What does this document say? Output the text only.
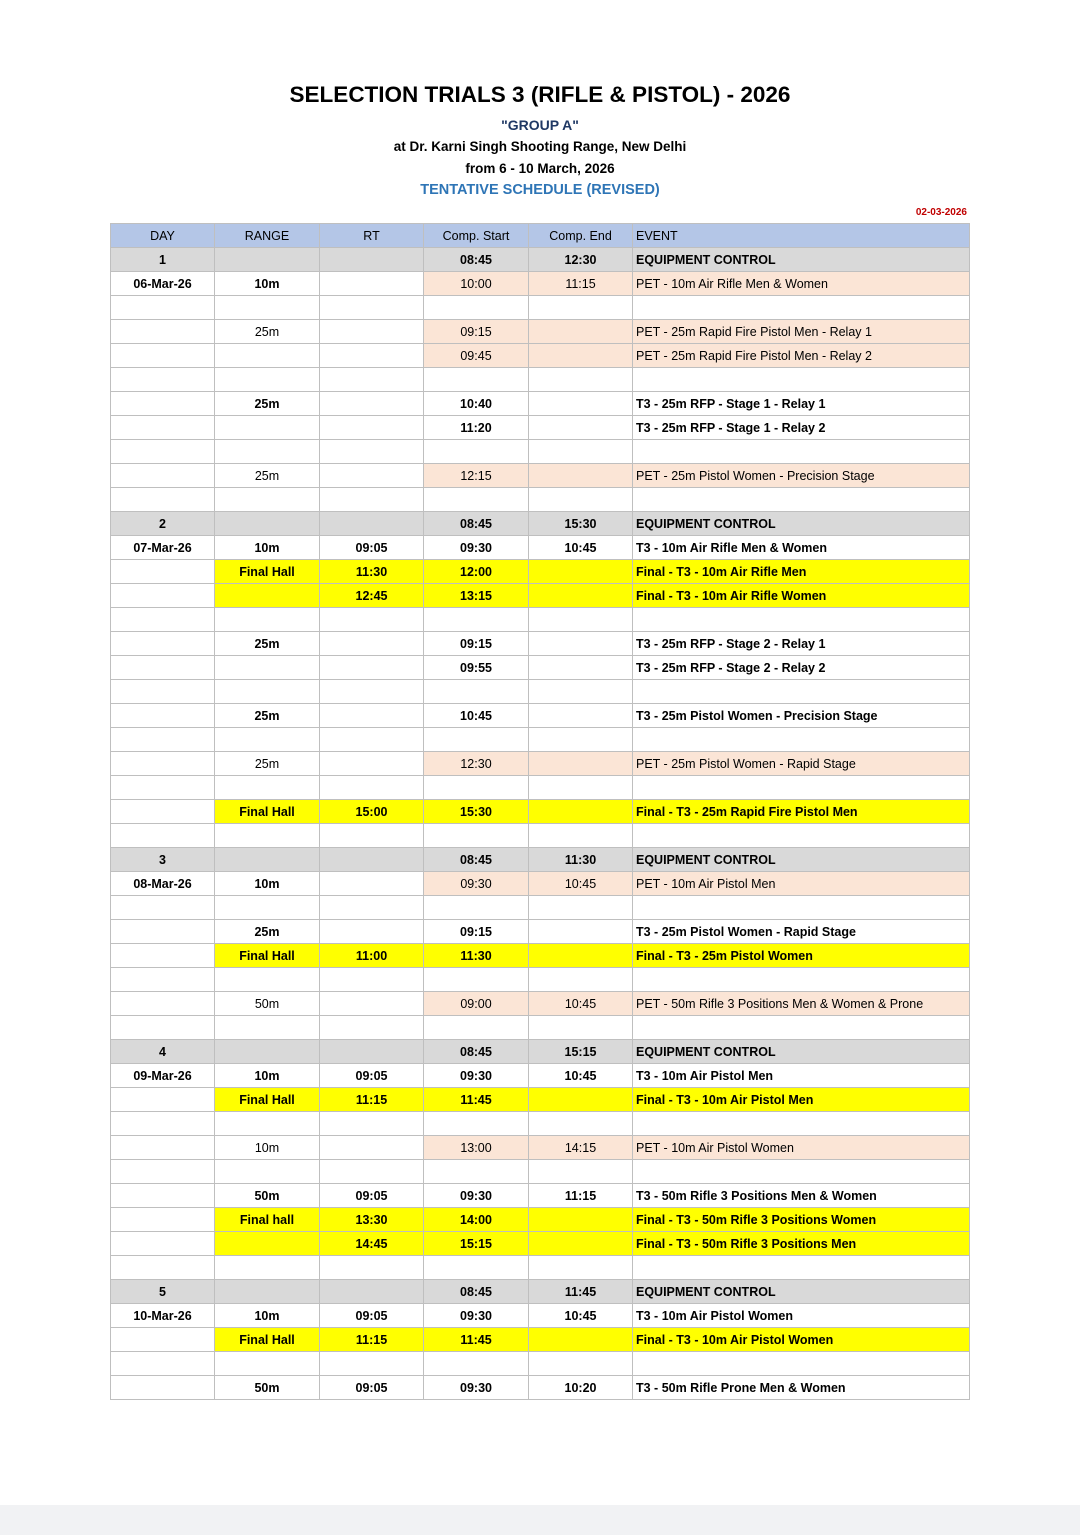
SELECTION TRIALS 3 (RIFLE & PISTOL) - 2026
"GROUP A"
at Dr. Karni Singh Shooting Range, New Delhi
from 6 - 10 March, 2026
TENTATIVE SCHEDULE (REVISED)
02-03-2026
DAY	RANGE	RT	Comp. Start	Comp. End	EVENT
1			08:45	12:30	EQUIPMENT CONTROL
06-Mar-26	10m		10:00	11:15	PET - 10m Air Rifle Men & Women

	25m		09:15		PET - 25m Rapid Fire Pistol Men - Relay 1
			09:45		PET - 25m Rapid Fire Pistol Men - Relay 2

	25m		10:40		T3 - 25m RFP - Stage 1 - Relay 1
			11:20		T3 - 25m RFP - Stage 1 - Relay 2

	25m		12:15		PET - 25m Pistol Women - Precision Stage

2			08:45	15:30	EQUIPMENT CONTROL
07-Mar-26	10m	09:05	09:30	10:45	T3 - 10m Air Rifle Men & Women
	Final Hall	11:30	12:00		Final - T3 - 10m Air Rifle Men
		12:45	13:15		Final - T3 - 10m Air Rifle Women

	25m		09:15		T3 - 25m RFP - Stage 2 - Relay 1
			09:55		T3 - 25m RFP - Stage 2 - Relay 2

	25m		10:45		T3 - 25m Pistol Women - Precision Stage

	25m		12:30		PET - 25m Pistol Women - Rapid Stage

	Final Hall	15:00	15:30		Final - T3 - 25m Rapid Fire Pistol Men

3			08:45	11:30	EQUIPMENT CONTROL
08-Mar-26	10m		09:30	10:45	PET - 10m Air Pistol Men

	25m		09:15		T3 - 25m Pistol Women - Rapid Stage
	Final Hall	11:00	11:30		Final - T3 - 25m Pistol Women

	50m		09:00	10:45	PET - 50m Rifle 3 Positions Men & Women & Prone

4			08:45	15:15	EQUIPMENT CONTROL
09-Mar-26	10m	09:05	09:30	10:45	T3 - 10m Air Pistol Men
	Final Hall	11:15	11:45		Final - T3 - 10m Air Pistol Men

	10m		13:00	14:15	PET - 10m Air Pistol Women

	50m	09:05	09:30	11:15	T3 - 50m Rifle 3 Positions Men & Women
	Final hall	13:30	14:00		Final - T3 - 50m Rifle 3 Positions Women
		14:45	15:15		Final - T3 - 50m Rifle 3 Positions Men

5			08:45	11:45	EQUIPMENT CONTROL
10-Mar-26	10m	09:05	09:30	10:45	T3 - 10m Air Pistol Women
	Final Hall	11:15	11:45		Final - T3 - 10m Air Pistol Women

	50m	09:05	09:30	10:20	T3 - 50m Rifle Prone Men & Women
